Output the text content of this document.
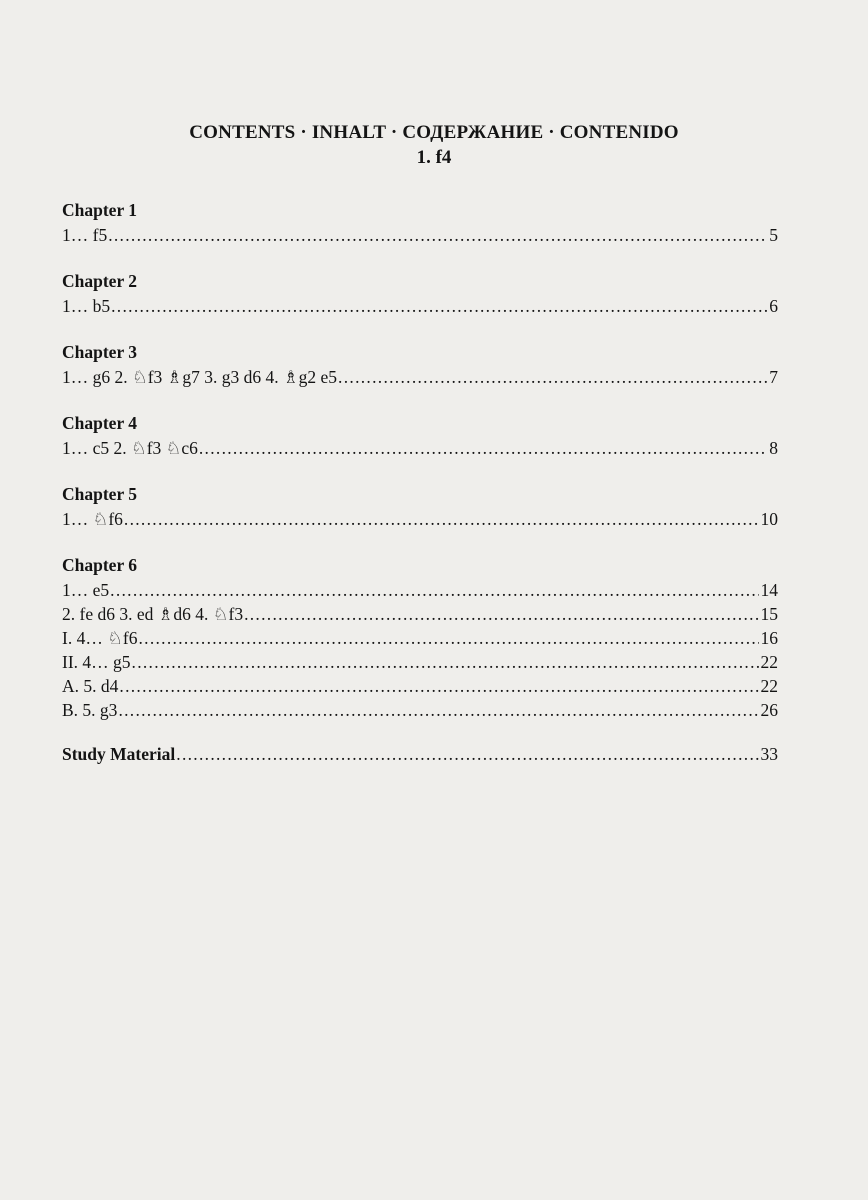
CONTENTS · INHALT · СОДЕРЖАНИЕ · CONTENIDO
1. f4
Chapter 1
1… f5 .....	5
Chapter 2
1… b5 .....	6
Chapter 3
1… g6 2. ♘f3 ♗g7 3. g3 d6 4. ♗g2 e5 .....	7
Chapter 4
1… c5 2. ♘f3 ♘c6 .....	8
Chapter 5
1… ♘f6 .....	10
Chapter 6
1… e5 .....	14
2. fe d6 3. ed ♗d6 4. ♘f3 .....	15
I. 4… ♘f6 .....	16
II. 4… g5 .....	22
A. 5. d4 .....	22
B. 5. g3 .....	26
Study Material .....	33
